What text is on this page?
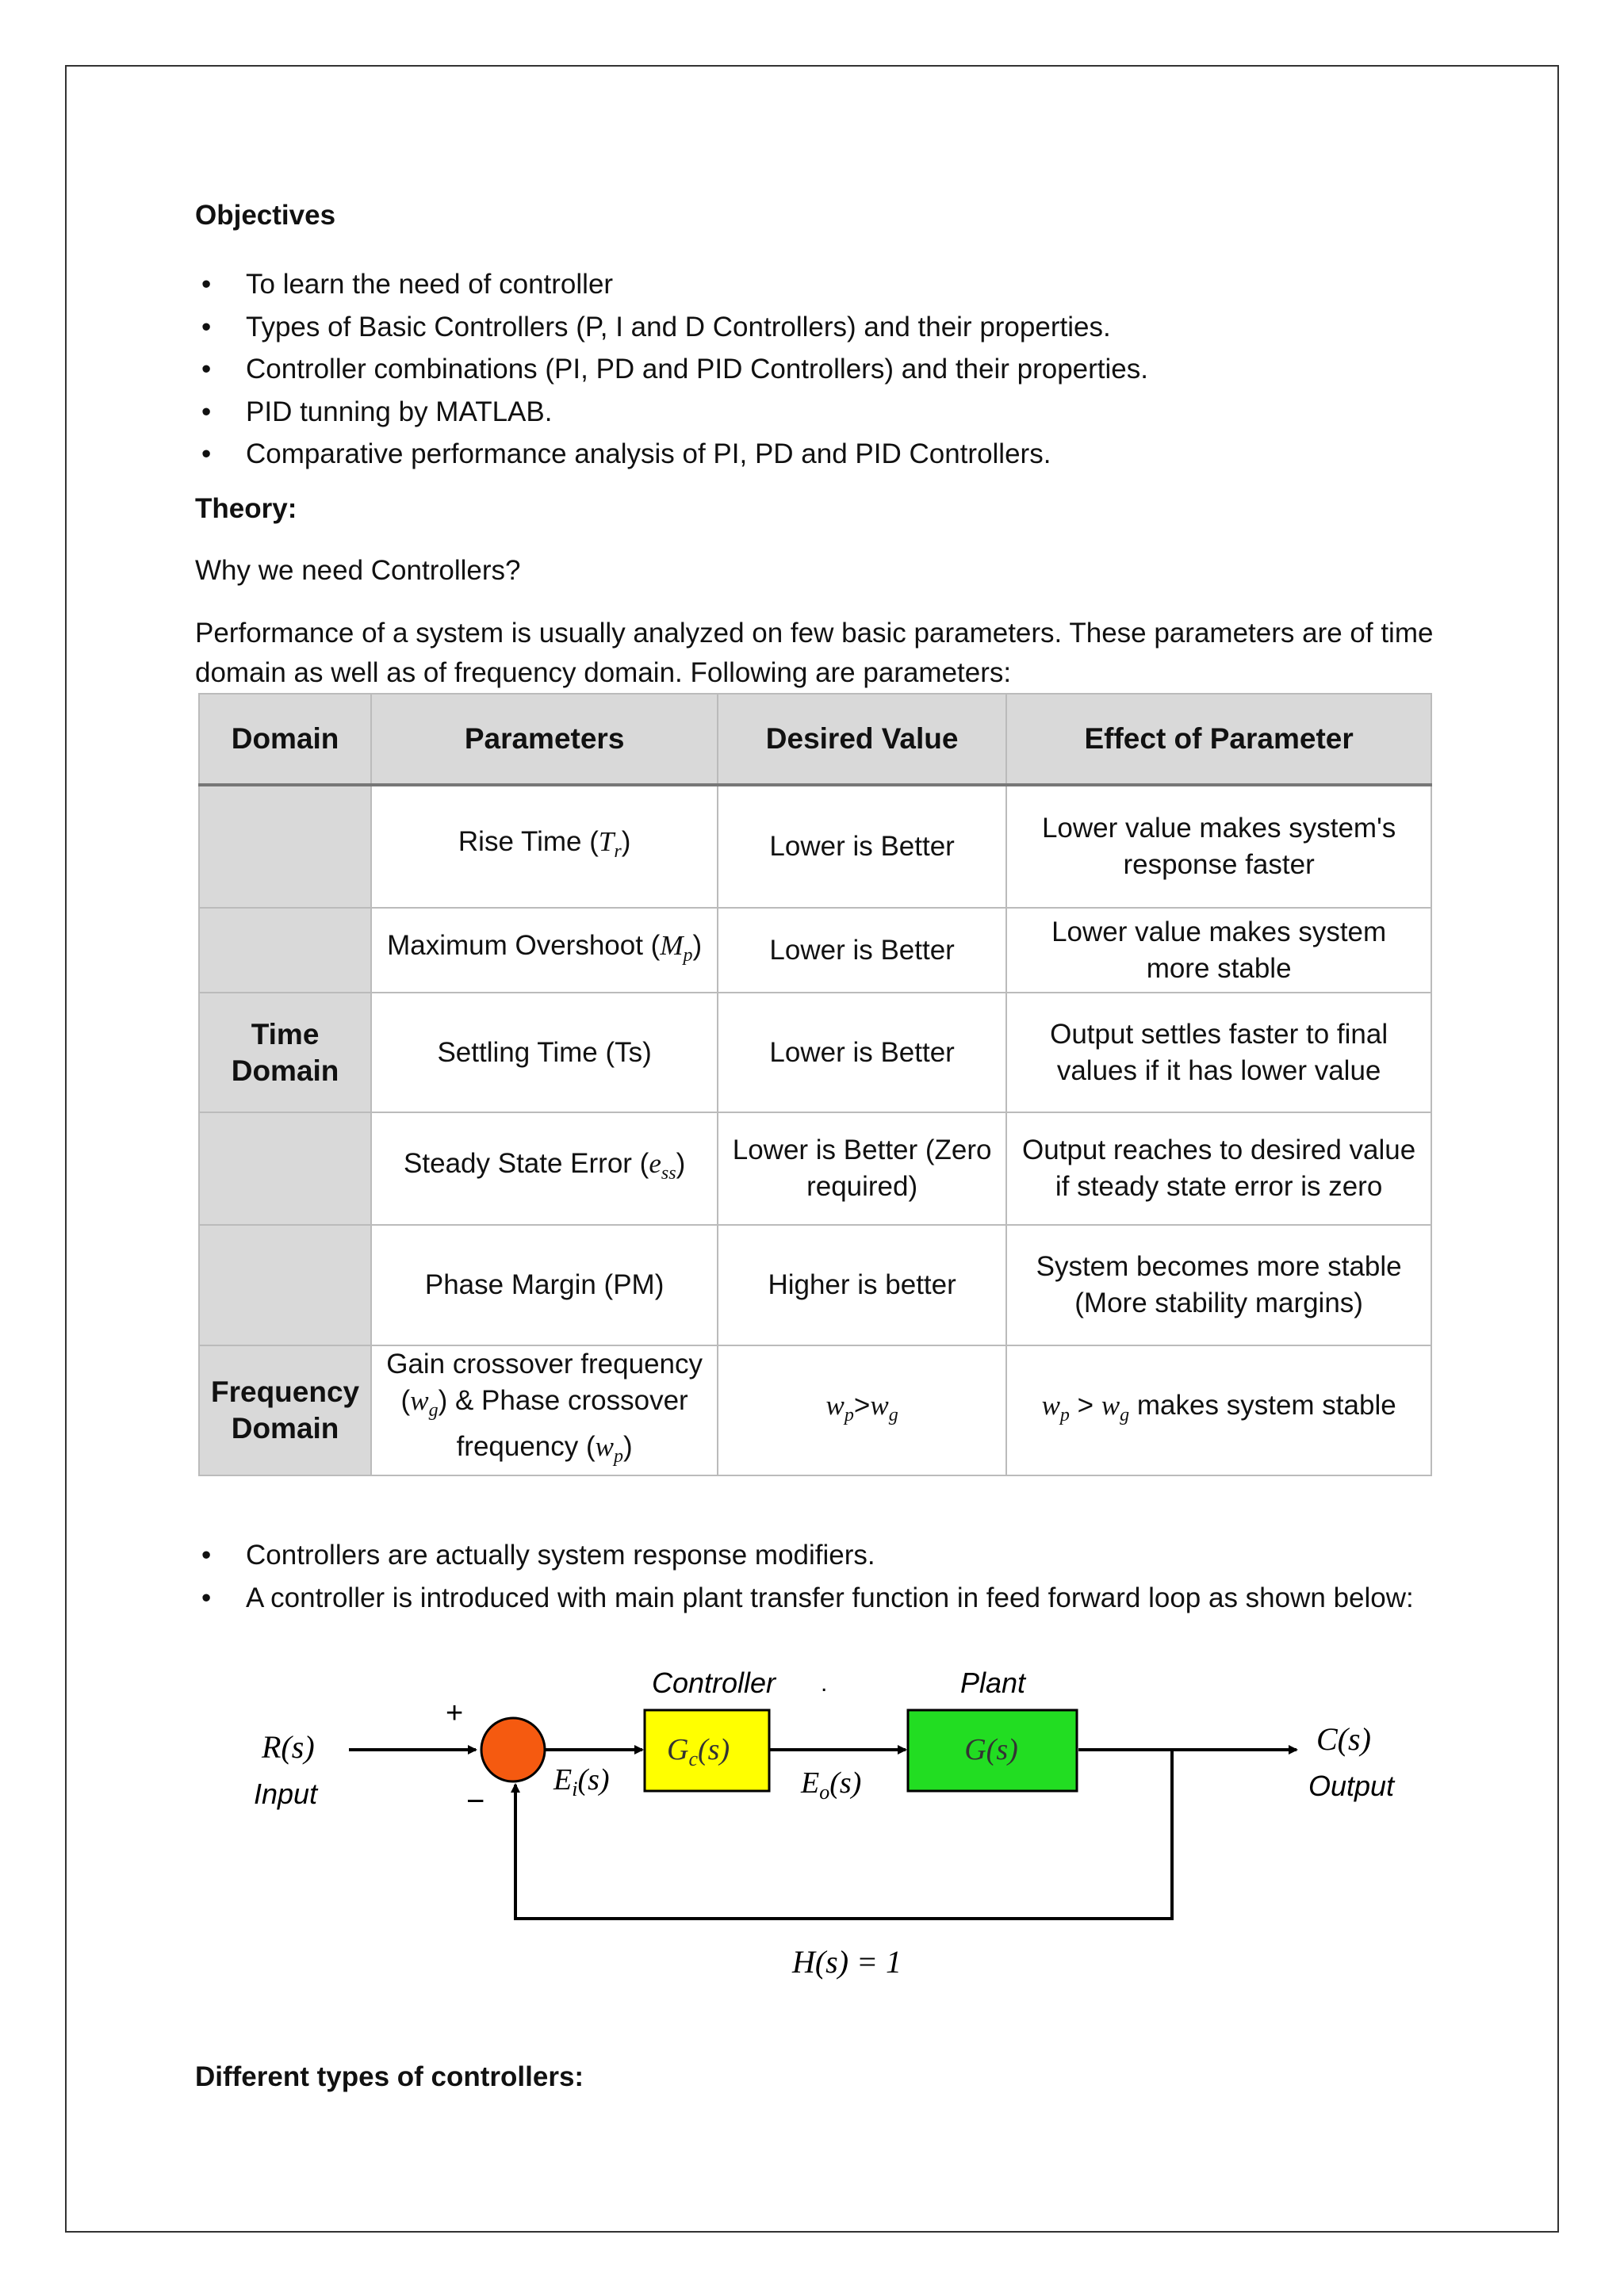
Objectives
• To learn the need of controller
• Types of Basic Controllers (P, I and D Controllers) and their properties.
• Controller combinations (PI, PD and PID Controllers) and their properties.
• PID tunning by MATLAB.
• Comparative performance analysis of PI, PD and PID Controllers.
Theory:
Why we need Controllers?
Performance of a system is usually analyzed on few basic parameters. These parameters are of time
domain as well as of frequency domain. Following are parameters:
Domain	Parameters	Desired Value	Effect of Parameter
	Rise Time $(T_r)$	Lower is Better	Lower value makes system's response faster
	Maximum Overshoot $(M_p)$	Lower is Better	Lower value makes system more stable
Time
Domain	Settling Time (Ts)	Lower is Better	Output settles faster to final values if it has lower value
	Steady State Error $(e_{ss})$	Lower is Better (Zero required)	Output reaches to desired value if steady state error is zero
	Phase Margin (PM)	Higher is better	System becomes more stable (More stability margins)
Frequency
Domain	Gain crossover frequency
$(w_g)$ & Phase crossover
frequency $(w_p)$	$w_p>w_g$	$w_p > w_g$ makes system stable
• Controllers are actually system response modifiers.
• A controller is introduced with main plant transfer function in feed forward loop as shown below:
Controller	Plant
.
R(s)
Input
C(s)
Output
+
−
$E_i(s)$	$E_o(s)$
$G_c(s)$	G(s)
H(s) = 1
Different types of controllers:
